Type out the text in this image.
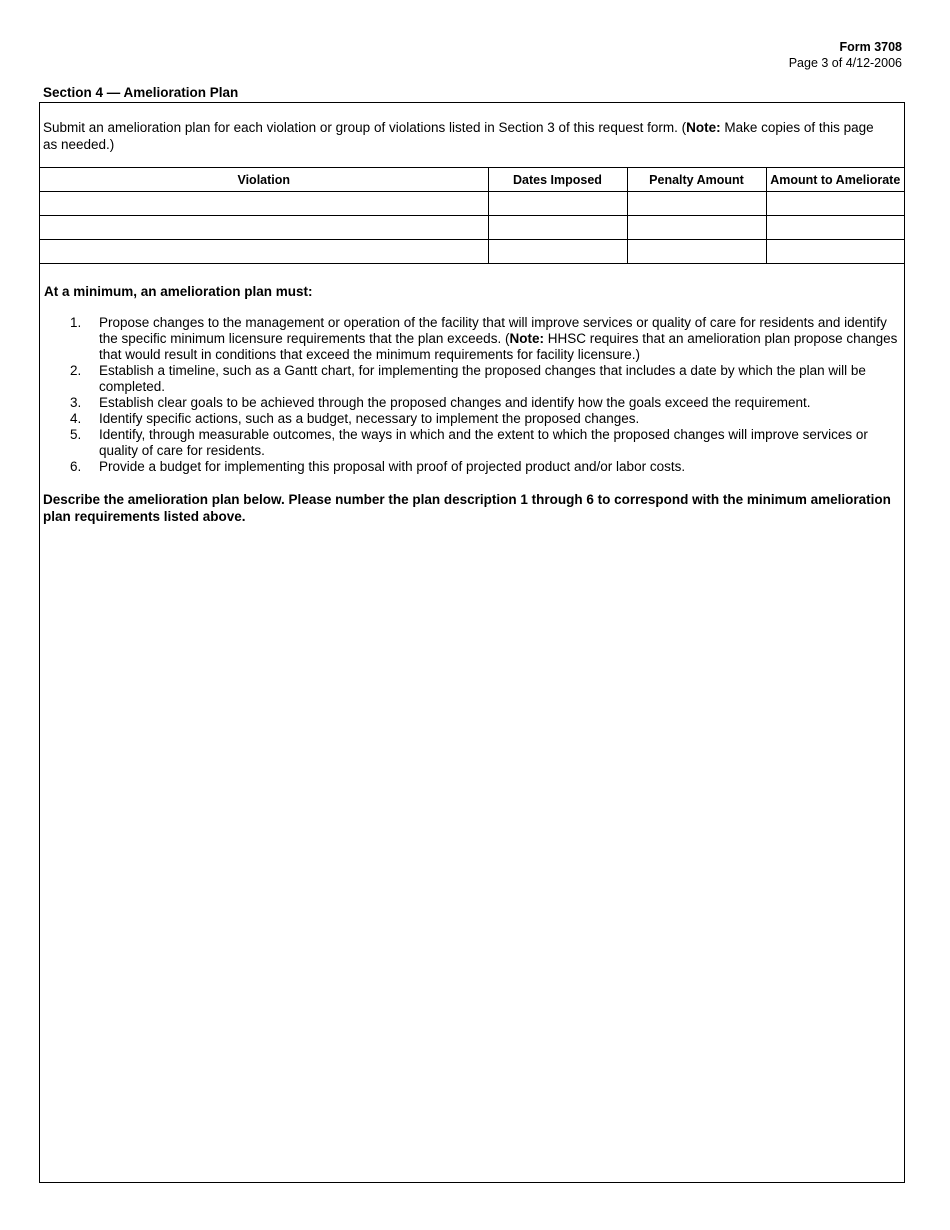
Form 3708
Page 3 of 4/12-2006
Section 4 — Amelioration Plan
Submit an amelioration plan for each violation or group of violations listed in Section 3 of this request form. (Note: Make copies of this page as needed.)
Violation	Dates Imposed	Penalty Amount	Amount to Ameliorate

At a minimum, an amelioration plan must:
1. Propose changes to the management or operation of the facility that will improve services or quality of care for residents and identify the specific minimum licensure requirements that the plan exceeds. (Note: HHSC requires that an amelioration plan propose changes that would result in conditions that exceed the minimum requirements for facility licensure.)
2. Establish a timeline, such as a Gantt chart, for implementing the proposed changes that includes a date by which the plan will be completed.
3. Establish clear goals to be achieved through the proposed changes and identify how the goals exceed the requirement.
4. Identify specific actions, such as a budget, necessary to implement the proposed changes.
5. Identify, through measurable outcomes, the ways in which and the extent to which the proposed changes will improve services or quality of care for residents.
6. Provide a budget for implementing this proposal with proof of projected product and/or labor costs.
Describe the amelioration plan below. Please number the plan description 1 through 6 to correspond with the minimum amelioration plan requirements listed above.
